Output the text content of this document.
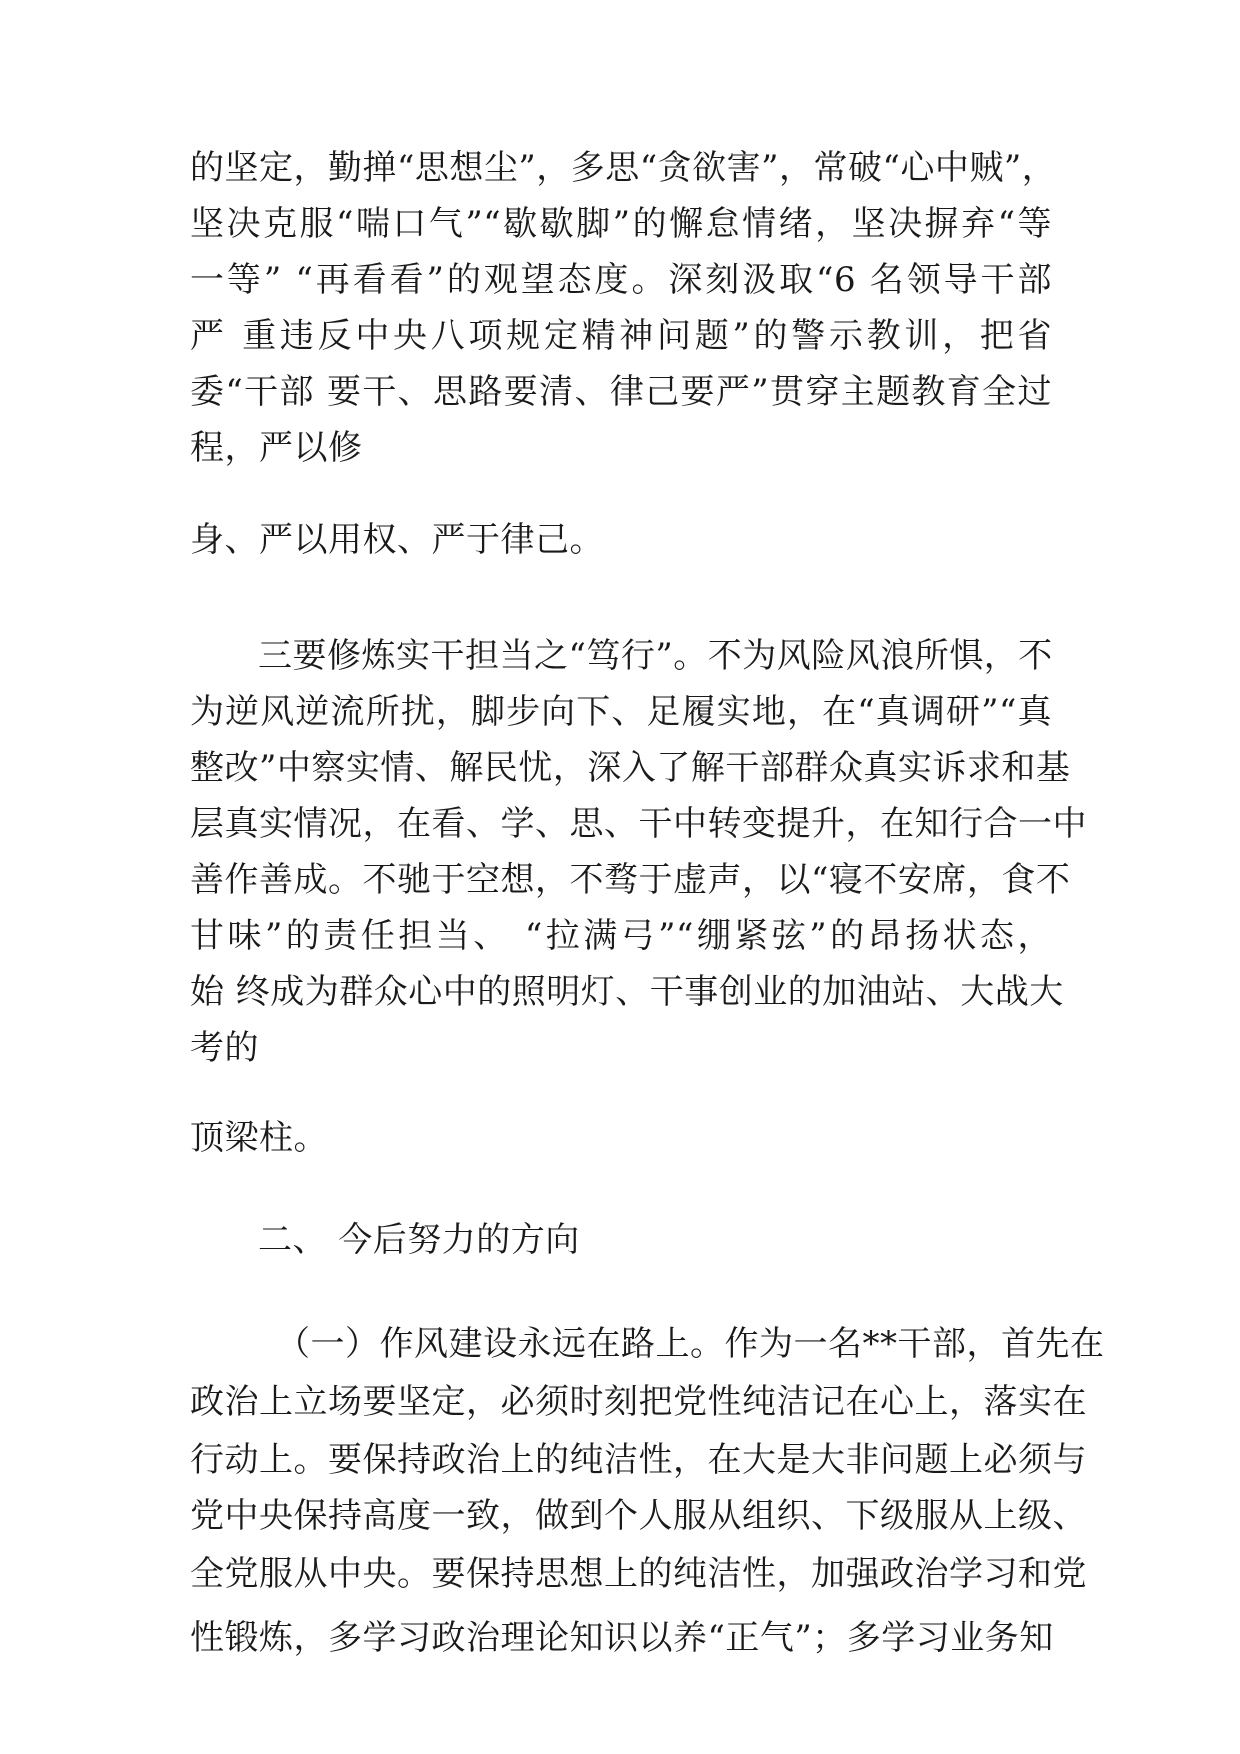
的坚定，勤掸“思想尘”，多思“贪欲害”，常破“心中贼”，
坚决克服“喘口气”“歇歇脚”的懈怠情绪，坚决摒弃“等
一等” “再看看”的观望态度。深刻汲取“6 名领导干部
严 重违反中央八项规定精神问题”的警示教训，把省
委“干部 要干、思路要清、律己要严”贯穿主题教育全过
程，严以修
身、严以用权、严于律己。
三要修炼实干担当之“笃行”。不为风险风浪所惧，不
为逆风逆流所扰，脚步向下、足履实地，在“真调研”“真
整改”中察实情、解民忧，深入了解干部群众真实诉求和基
层真实情况，在看、学、思、干中转变提升，在知行合一中
善作善成。不驰于空想，不骛于虚声，以“寝不安席，食不
甘味”的责任担当、 “拉满弓”“绷紧弦”的昂扬状态，
始 终成为群众心中的照明灯、干事创业的加油站、大战大
考的
顶梁柱。
二、 今后努力的方向
（一）作风建设永远在路上。作为一名**干部，首先在
政治上立场要坚定，必须时刻把党性纯洁记在心上，落实在
行动上。要保持政治上的纯洁性，在大是大非问题上必须与
党中央保持高度一致，做到个人服从组织、下级服从上级、
全党服从中央。要保持思想上的纯洁性，加强政治学习和党
性锻炼，多学习政治理论知识以养“正气”；多学习业务知
